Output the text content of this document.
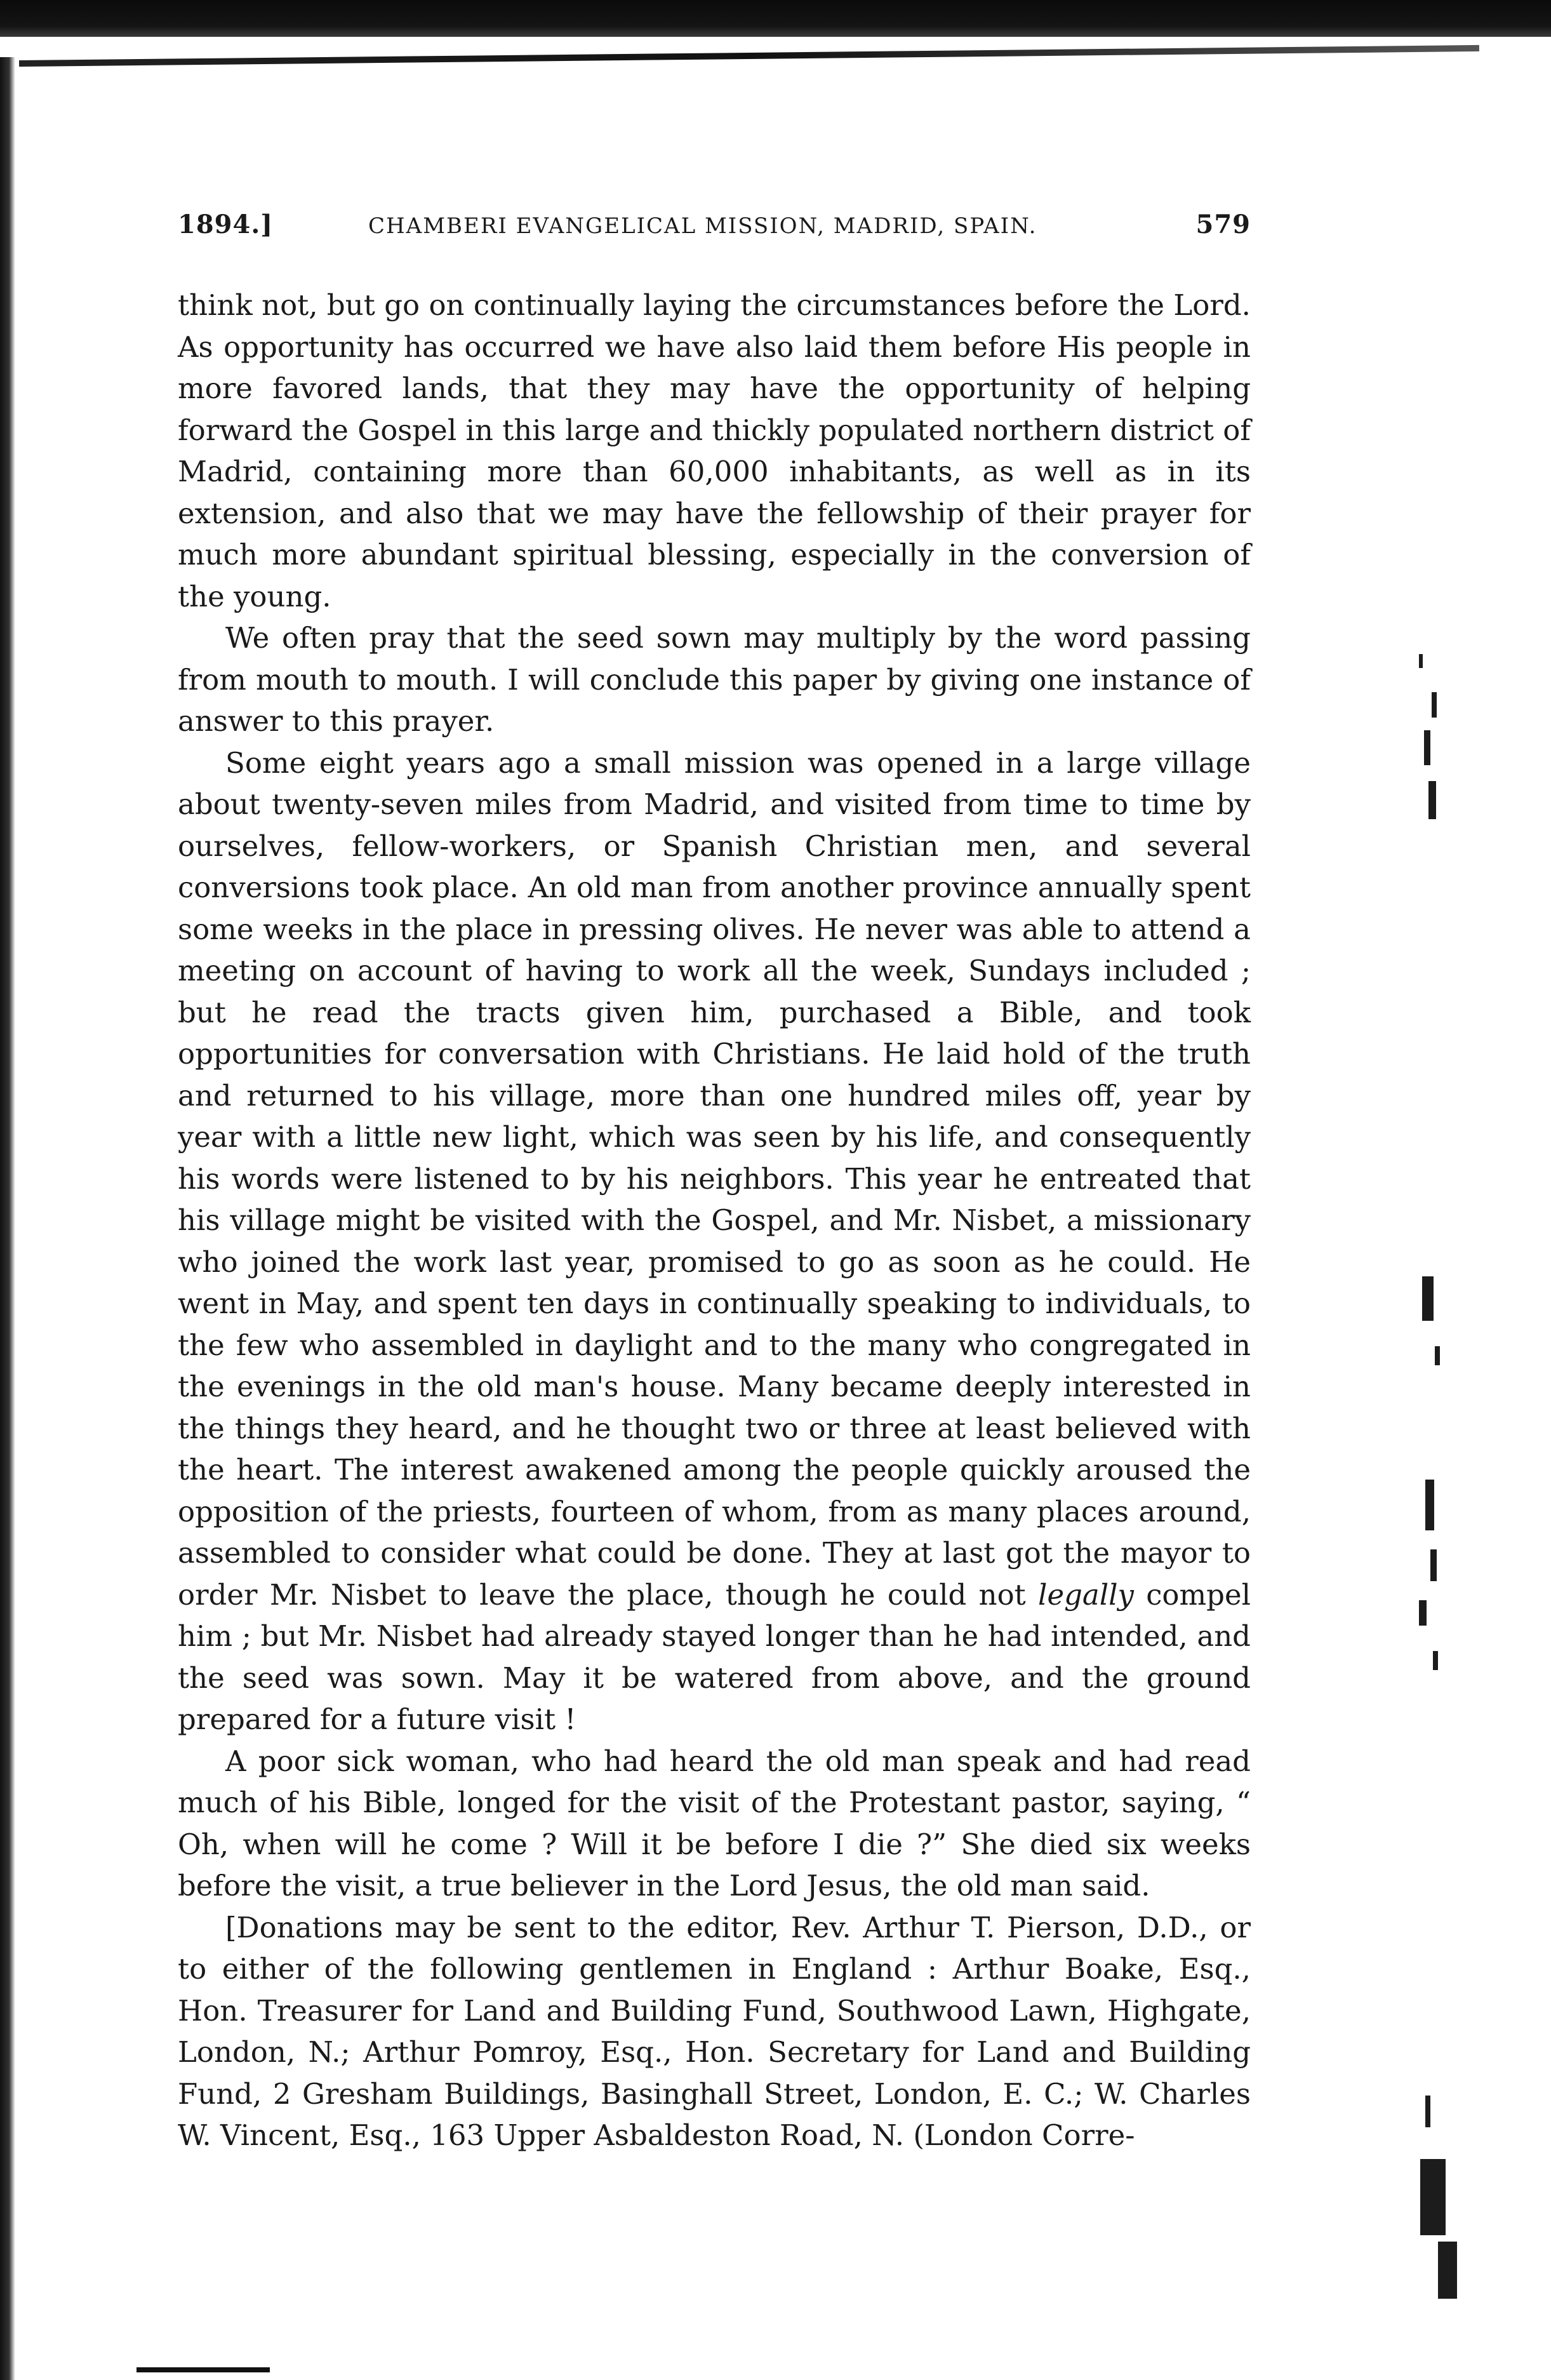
1894.]	CHAMBERI EVANGELICAL MISSION, MADRID, SPAIN.	579

think not, but go on continually laying the circumstances before the Lord. As opportunity has occurred we have also laid them before His people in more favored lands, that they may have the opportunity of helping forward the Gospel in this large and thickly populated northern district of Madrid, containing more than 60,000 inhabitants, as well as in its extension, and also that we may have the fellowship of their prayer for much more abundant spiritual blessing, especially in the conversion of the young.

We often pray that the seed sown may multiply by the word passing from mouth to mouth. I will conclude this paper by giving one instance of answer to this prayer.

Some eight years ago a small mission was opened in a large village about twenty-seven miles from Madrid, and visited from time to time by ourselves, fellow-workers, or Spanish Christian men, and several conversions took place. An old man from another province annually spent some weeks in the place in pressing olives. He never was able to attend a meeting on account of having to work all the week, Sundays included ; but he read the tracts given him, purchased a Bible, and took opportunities for conversation with Christians. He laid hold of the truth and returned to his village, more than one hundred miles off, year by year with a little new light, which was seen by his life, and consequently his words were listened to by his neighbors. This year he entreated that his village might be visited with the Gospel, and Mr. Nisbet, a missionary who joined the work last year, promised to go as soon as he could. He went in May, and spent ten days in continually speaking to individuals, to the few who assembled in daylight and to the many who congregated in the evenings in the old man's house. Many became deeply interested in the things they heard, and he thought two or three at least believed with the heart. The interest awakened among the people quickly aroused the opposition of the priests, fourteen of whom, from as many places around, assembled to consider what could be done. They at last got the mayor to order Mr. Nisbet to leave the place, though he could not legally compel him ; but Mr. Nisbet had already stayed longer than he had intended, and the seed was sown. May it be watered from above, and the ground prepared for a future visit !

A poor sick woman, who had heard the old man speak and had read much of his Bible, longed for the visit of the Protestant pastor, saying, “ Oh, when will he come ? Will it be before I die ?” She died six weeks before the visit, a true believer in the Lord Jesus, the old man said.

[Donations may be sent to the editor, Rev. Arthur T. Pierson, D.D., or to either of the following gentlemen in England : Arthur Boake, Esq., Hon. Treasurer for Land and Building Fund, Southwood Lawn, Highgate, London, N.; Arthur Pomroy, Esq., Hon. Secretary for Land and Building Fund, 2 Gresham Buildings, Basinghall Street, London, E. C.; W. Charles W. Vincent, Esq., 163 Upper Asbaldeston Road, N. (London Corre-
